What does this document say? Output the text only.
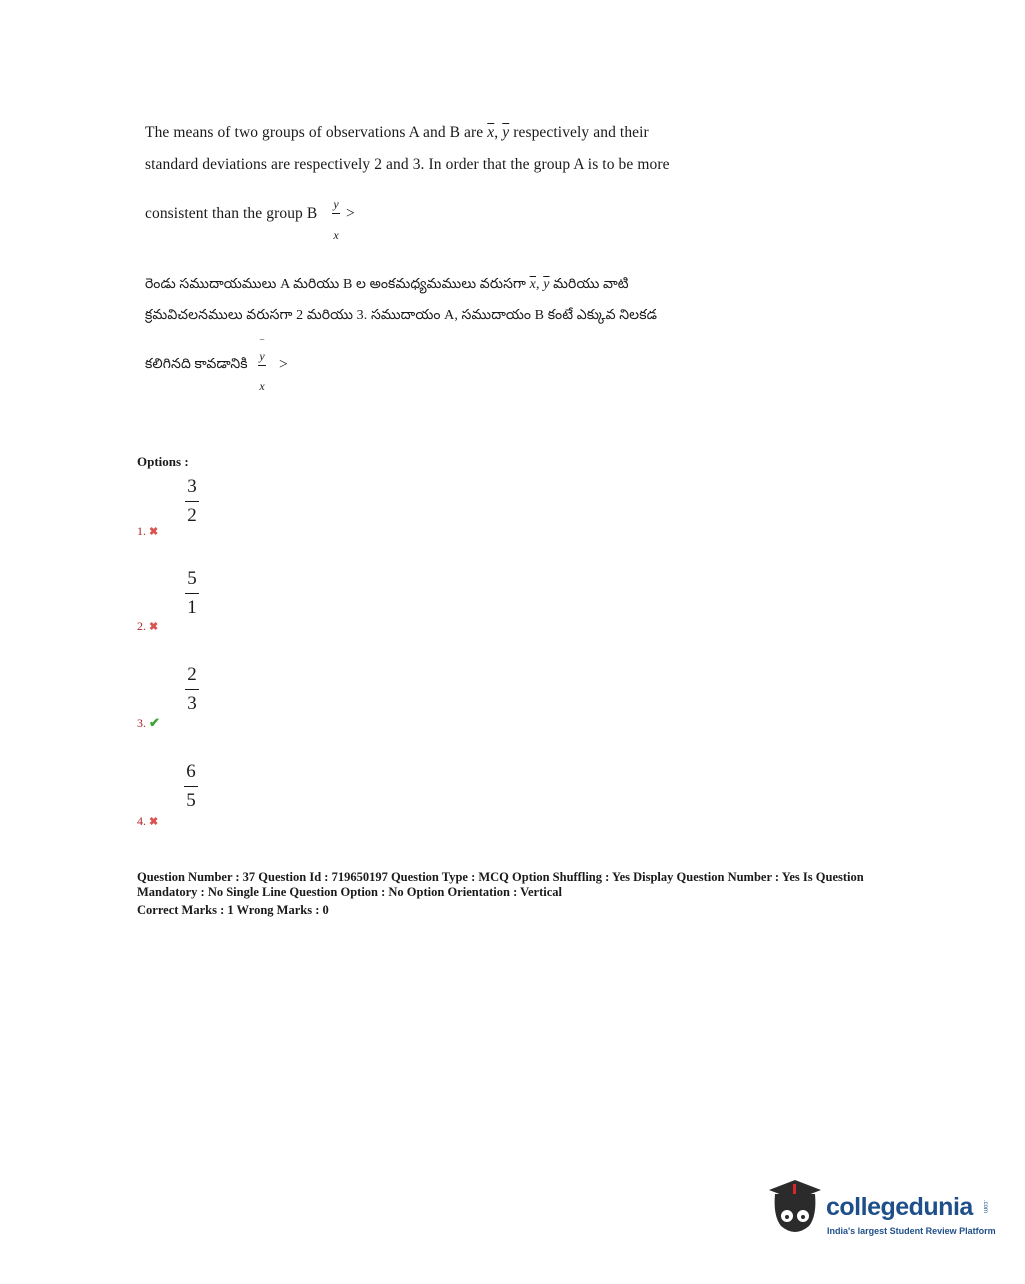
The means of two groups of observations A and B are $\overline{x}$, $\overline{y}$ respectively and their
standard deviations are respectively 2 and 3. In order that the group A is to be more
consistent than the group B
y
x
>
రెండు సముదాయములు A మరియు B ల అంకమధ్యమములు వరుసగా $\overline{x}$, $\overline{y}$ మరియు వాటి
క్రమవిచలనములు వరుసగా 2 మరియు 3. సముదాయం A, సముదాయం B కంటే ఎక్కువ నిలకడ
కలిగినది కావడానికి
‾
y
x
>
Options :
3
2
1. ✖
5
1
2. ✖
2
3
3. ✔
6
5
4. ✖
Question Number : 37 Question Id : 719650197 Question Type : MCQ Option Shuffling : Yes Display Question Number : Yes Is Question
Mandatory : No Single Line Question Option : No Option Orientation : Vertical
Correct Marks : 1 Wrong Marks : 0
collegedunia .com
India's largest Student Review Platform
